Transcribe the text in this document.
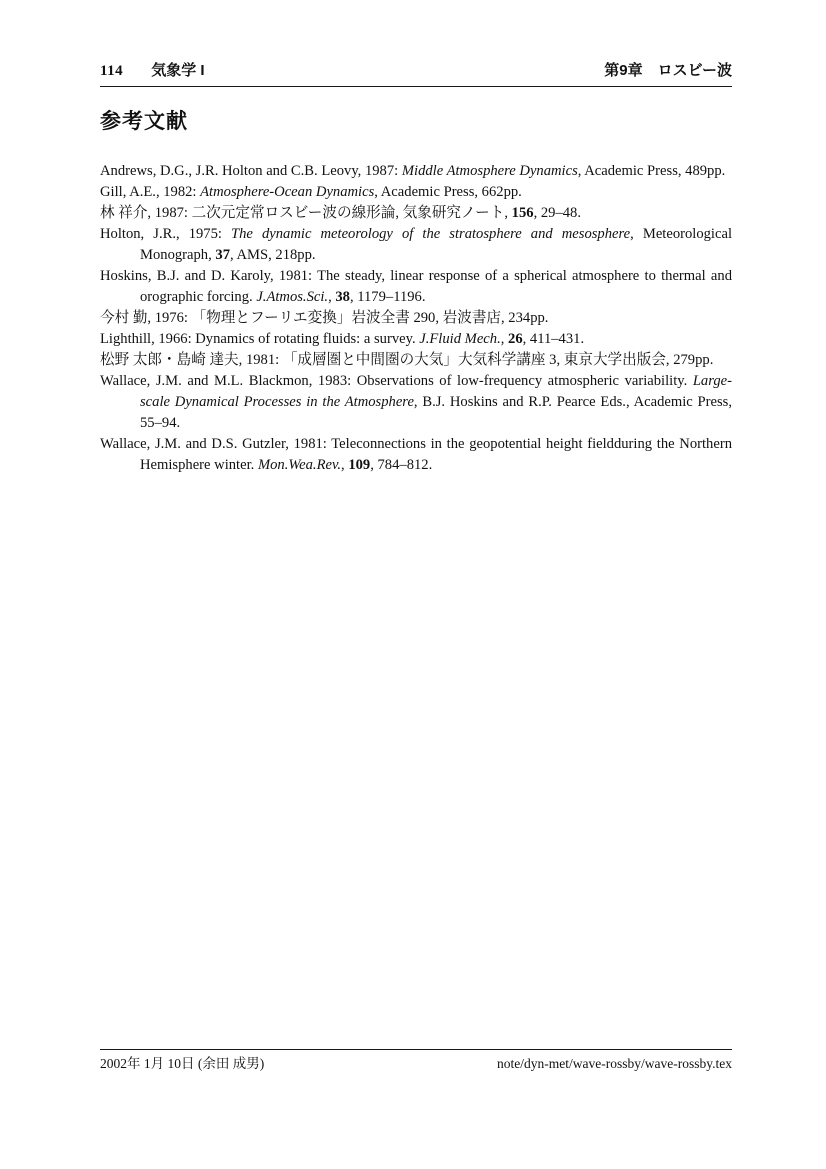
114 気象学 I	第9章　ロスビー波
参考文献

Andrews, D.G., J.R. Holton and C.B. Leovy, 1987: Middle Atmosphere Dynamics, Academic Press, 489pp.

Gill, A.E., 1982: Atmosphere-Ocean Dynamics, Academic Press, 662pp.

林 祥介, 1987: 二次元定常ロスビー波の線形論, 気象研究ノート, 156, 29–48.

Holton, J.R., 1975: The dynamic meteorology of the stratosphere and mesosphere, Meteorological Monograph, 37, AMS, 218pp.

Hoskins, B.J. and D. Karoly, 1981: The steady, linear response of a spherical atmosphere to thermal and orographic forcing. J.Atmos.Sci., 38, 1179–1196.

今村 勤, 1976: 「物理とフーリエ変換」岩波全書 290, 岩波書店, 234pp.

Lighthill, 1966: Dynamics of rotating fluids: a survey. J.Fluid Mech., 26, 411–431.

松野 太郎・島崎 達夫, 1981: 「成層圏と中間圏の大気」大気科学講座 3, 東京大学出版会, 279pp.

Wallace, J.M. and M.L. Blackmon, 1983: Observations of low-frequency atmospheric variability. Large-scale Dynamical Processes in the Atmosphere, B.J. Hoskins and R.P. Pearce Eds., Academic Press, 55–94.

Wallace, J.M. and D.S. Gutzler, 1981: Teleconnections in the geopotential height fieldduring the Northern Hemisphere winter. Mon.Wea.Rev., 109, 784–812.

2002年 1月 10日 (余田 成男)	note/dyn-met/wave-rossby/wave-rossby.tex
